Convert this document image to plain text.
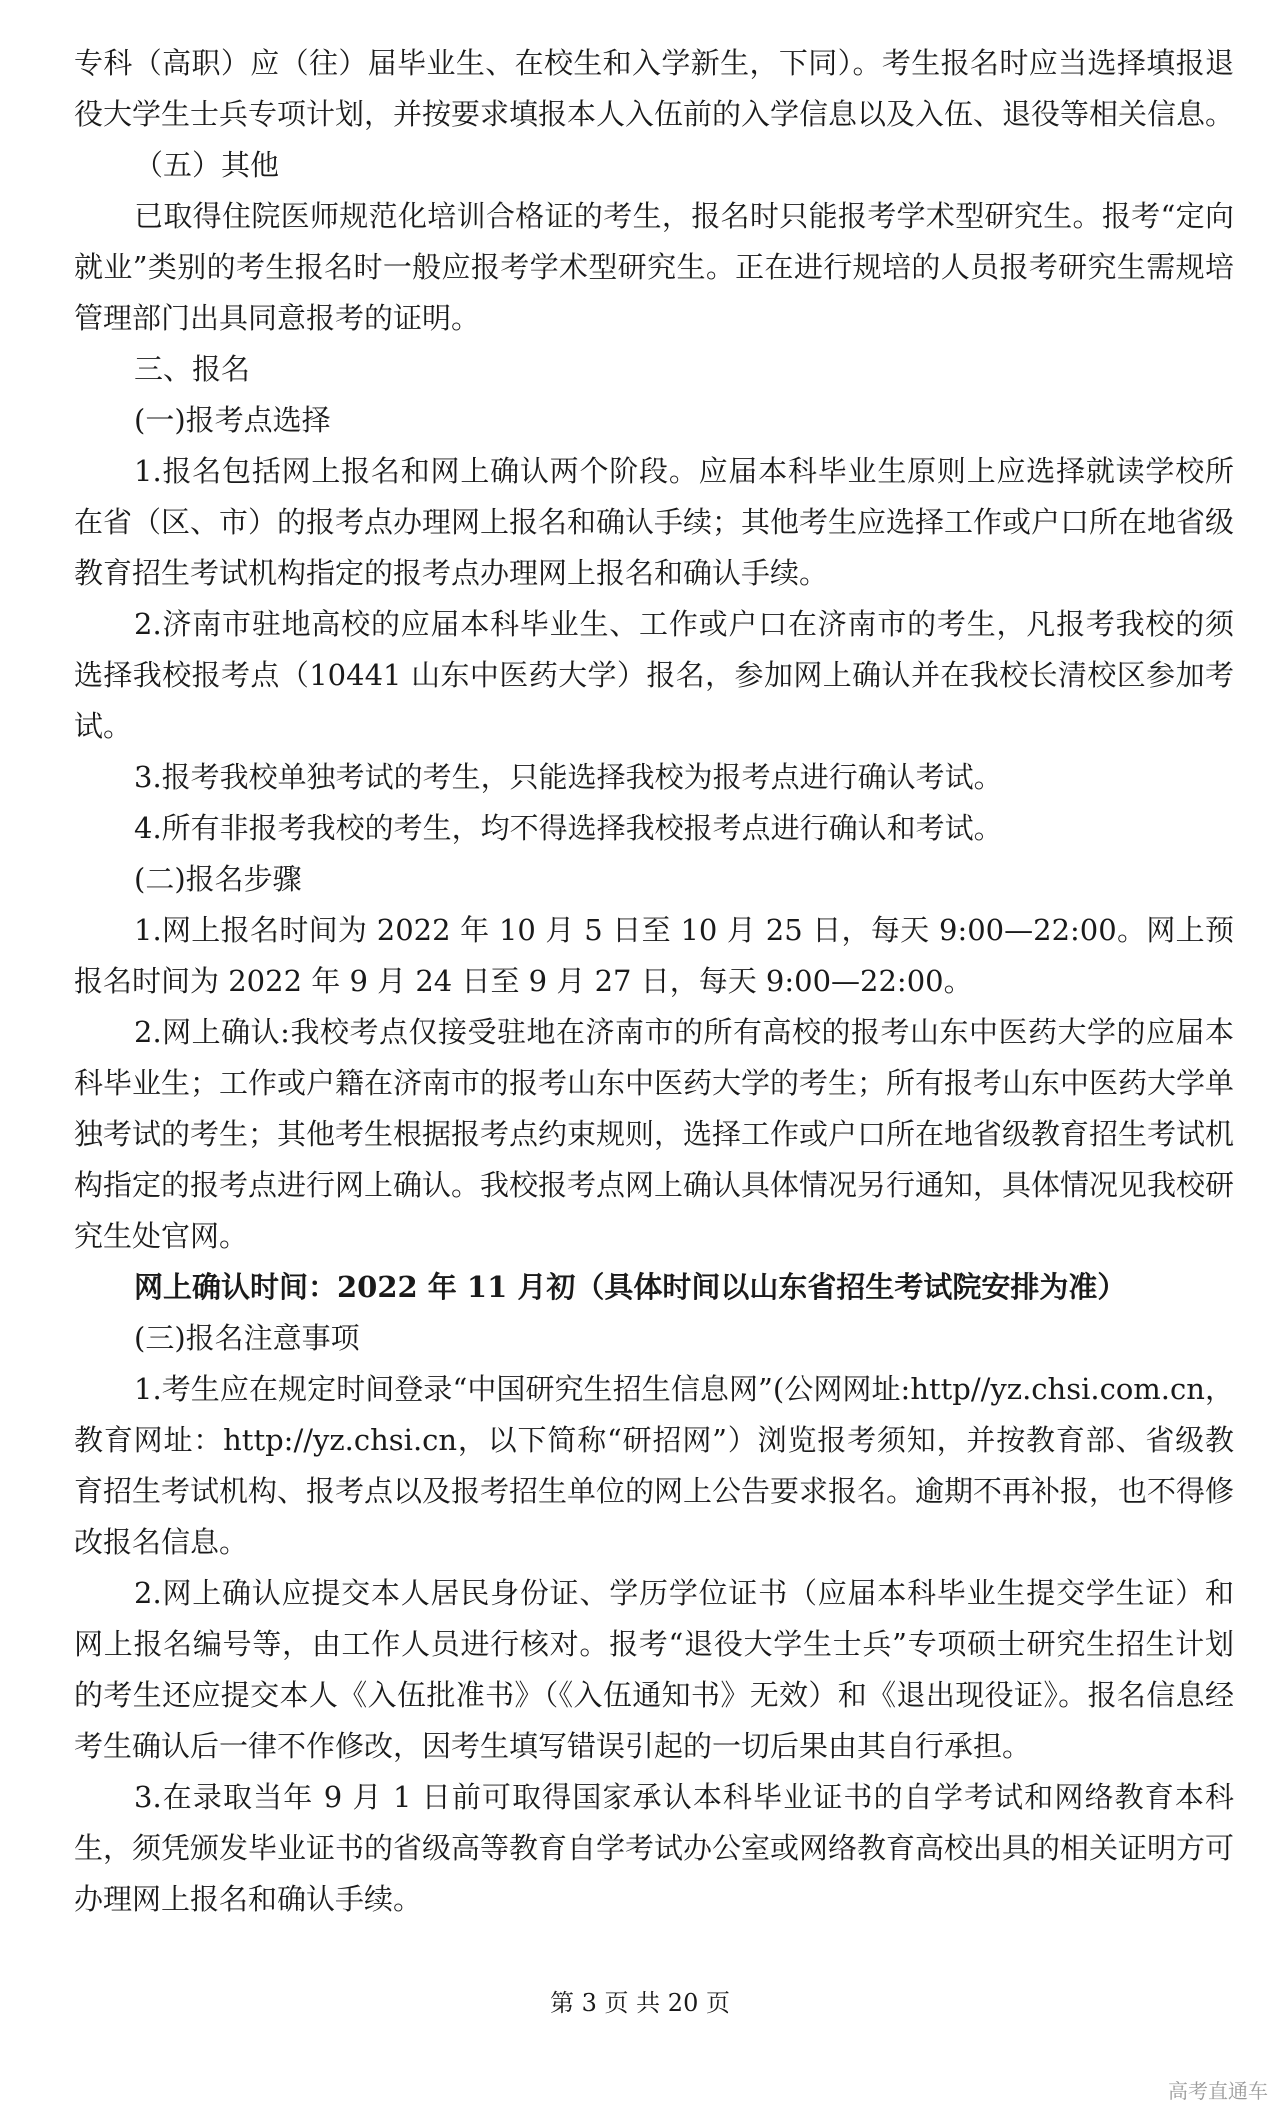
专科（高职）应（往）届毕业生、在校生和入学新生，下同）。考生报名时应当选择填报退役大学生士兵专项计划，并按要求填报本人入伍前的入学信息以及入伍、退役等相关信息。

（五）其他

已取得住院医师规范化培训合格证的考生，报名时只能报考学术型研究生。报考“定向就业”类别的考生报名时一般应报考学术型研究生。正在进行规培的人员报考研究生需规培管理部门出具同意报考的证明。

三、报名

(一)报考点选择

1.报名包括网上报名和网上确认两个阶段。应届本科毕业生原则上应选择就读学校所在省（区、市）的报考点办理网上报名和确认手续；其他考生应选择工作或户口所在地省级教育招生考试机构指定的报考点办理网上报名和确认手续。

2.济南市驻地高校的应届本科毕业生、工作或户口在济南市的考生，凡报考我校的须选择我校报考点（10441 山东中医药大学）报名，参加网上确认并在我校长清校区参加考试。

3.报考我校单独考试的考生，只能选择我校为报考点进行确认考试。

4.所有非报考我校的考生，均不得选择我校报考点进行确认和考试。

(二)报名步骤

1.网上报名时间为 2022 年 10 月 5 日至 10 月 25 日，每天 9:00—22:00。网上预报名时间为 2022 年 9 月 24 日至 9 月 27 日，每天 9:00—22:00。

2.网上确认:我校考点仅接受驻地在济南市的所有高校的报考山东中医药大学的应届本科毕业生；工作或户籍在济南市的报考山东中医药大学的考生；所有报考山东中医药大学单独考试的考生；其他考生根据报考点约束规则，选择工作或户口所在地省级教育招生考试机构指定的报考点进行网上确认。我校报考点网上确认具体情况另行通知，具体情况见我校研究生处官网。

网上确认时间：2022 年 11 月初（具体时间以山东省招生考试院安排为准）

(三)报名注意事项

1.考生应在规定时间登录“中国研究生招生信息网”(公网网址:http//yz.chsi.com.cn，教育网址：http://yz.chsi.cn，以下简称“研招网”）浏览报考须知，并按教育部、省级教育招生考试机构、报考点以及报考招生单位的网上公告要求报名。逾期不再补报，也不得修改报名信息。

2.网上确认应提交本人居民身份证、学历学位证书（应届本科毕业生提交学生证）和网上报名编号等，由工作人员进行核对。报考“退役大学生士兵”专项硕士研究生招生计划的考生还应提交本人《入伍批准书》（《入伍通知书》无效）和《退出现役证》。报名信息经考生确认后一律不作修改，因考生填写错误引起的一切后果由其自行承担。

3.在录取当年 9 月 1 日前可取得国家承认本科毕业证书的自学考试和网络教育本科生，须凭颁发毕业证书的省级高等教育自学考试办公室或网络教育高校出具的相关证明方可办理网上报名和确认手续。

第 3 页 共 20 页
高考直通车
